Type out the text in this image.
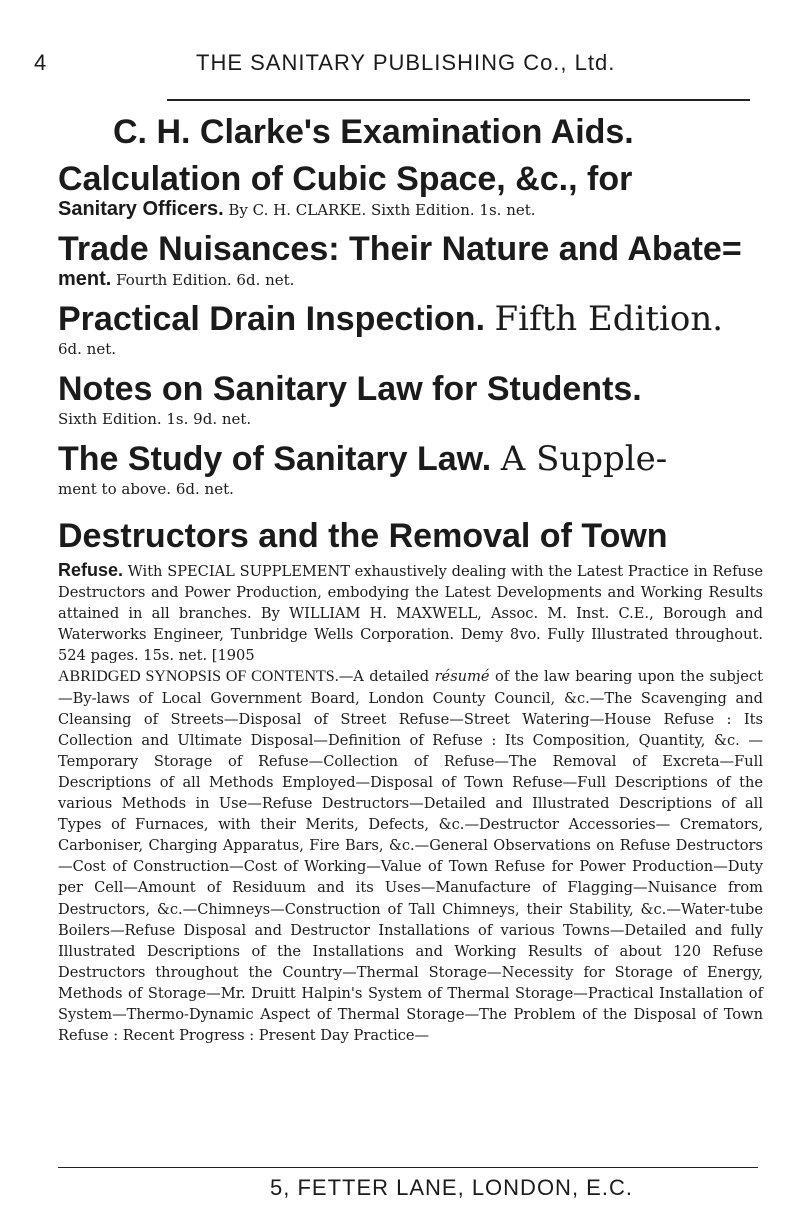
4	THE SANITARY PUBLISHING Co., Ltd.
C. H. Clarke's Examination Aids.
Calculation of Cubic Space, &c., for
Sanitary Officers. By C. H. CLARKE. Sixth Edition. 1s. net.
Trade Nuisances: Their Nature and Abate=
ment. Fourth Edition. 6d. net.
Practical Drain Inspection. Fifth Edition.
6d. net.
Notes on Sanitary Law for Students.
Sixth Edition. 1s. 9d. net.
The Study of Sanitary Law. A Supple-
ment to above. 6d. net.
Destructors and the Removal of Town
Refuse. With SPECIAL SUPPLEMENT exhaustively dealing with the Latest Practice in Refuse Destructors and Power Production, embodying the Latest Developments and Working Results attained in all branches. By WILLIAM H. MAXWELL, Assoc. M. Inst. C.E., Borough and Waterworks Engineer, Tunbridge Wells Corporation. Demy 8vo. Fully Illustrated throughout. 524 pages. 15s. net. [1905
ABRIDGED SYNOPSIS OF CONTENTS.—A detailed résumé of the law bearing upon the subject—By-laws of Local Government Board, London County Council, &c.—The Scavenging and Cleansing of Streets—Disposal of Street Refuse—Street Watering—House Refuse : Its Collection and Ultimate Disposal—Definition of Refuse : Its Composition, Quantity, &c. —Temporary Storage of Refuse—Collection of Refuse—The Removal of Excreta—Full Descriptions of all Methods Employed—Disposal of Town Refuse—Full Descriptions of the various Methods in Use—Refuse Destructors—Detailed and Illustrated Descriptions of all Types of Furnaces, with their Merits, Defects, &c.—Destructor Accessories— Cremators, Carboniser, Charging Apparatus, Fire Bars, &c.—General Observations on Refuse Destructors—Cost of Construction—Cost of Working—Value of Town Refuse for Power Production—Duty per Cell—Amount of Residuum and its Uses—Manufacture of Flagging—Nuisance from Destructors, &c.—Chimneys—Construction of Tall Chimneys, their Stability, &c.—Water-tube Boilers—Refuse Disposal and Destructor Installations of various Towns—Detailed and fully Illustrated Descriptions of the Installations and Working Results of about 120 Refuse Destructors throughout the Country—Thermal Storage—Necessity for Storage of Energy, Methods of Storage—Mr. Druitt Halpin's System of Thermal Storage—Practical Installation of System—Thermo-Dynamic Aspect of Thermal Storage—The Problem of the Disposal of Town Refuse : Recent Progress : Present Day Practice—
5, FETTER LANE, LONDON, E.C.
